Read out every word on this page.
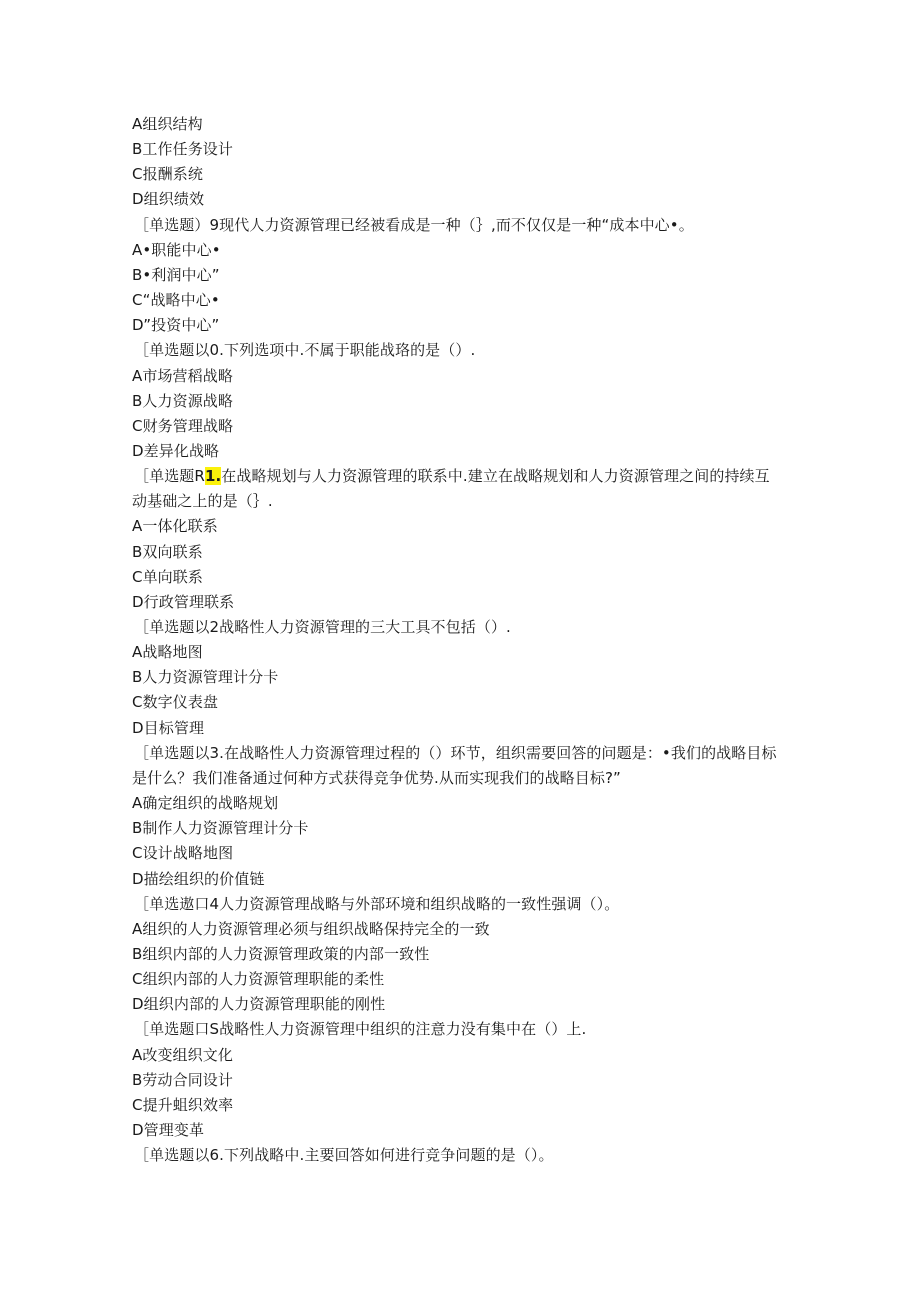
A组织结构
B工作任务设计
C报酬系统
D组织绩效
［单选题）9现代人力资源管理已经被看成是一种（｝,而不仅仅是一种“成本中心•。
A•职能中心•
B•利润中心”
C“战略中心•
D”投资中心”
［单选题以0.下列选项中.不属于职能战珞的是（）.
A市场营稻战略
B人力资源战略
C财务管理战略
D差异化战略
［单选题R1.在战略规划与人力资源管理的联系中.建立在战略规划和人力资源管理之间的持续互
动基础之上的是（｝.
A一体化联系
B双向联系
C单向联系
D行政管理联系
［单选题以2战略性人力资源管理的三大工具不包括（）.
A战略地图
B人力资源管理计分卡
C数字仪表盘
D目标管理
［单选题以3.在战略性人力资源管理过程的（）环节，组织需要回答的问题是：•我们的战略目标
是什么？我们准备通过何种方式获得竞争优势.从而实现我们的战略目标?”
A确定组织的战略规划
B制作人力资源管理计分卡
C设计战略地图
D描绘组织的价值链
［单选遨口4人力资源管理战略与外部环境和组织战略的一致性强调（）。
A组织的人力资源管理必须与组织战略保持完全的一致
B组织内部的人力资源管理政策的内部一致性
C组织内部的人力资源管理职能的柔性
D组织内部的人力资源管理职能的刚性
［单选题口S战略性人力资源管理中组织的注意力没有集中在（）上.
A改变组织文化
B劳动合同设计
C提升蛆织效率
D管理变革
［单选题以6.下列战略中.主要回答如何进行竞争问题的是（）。
